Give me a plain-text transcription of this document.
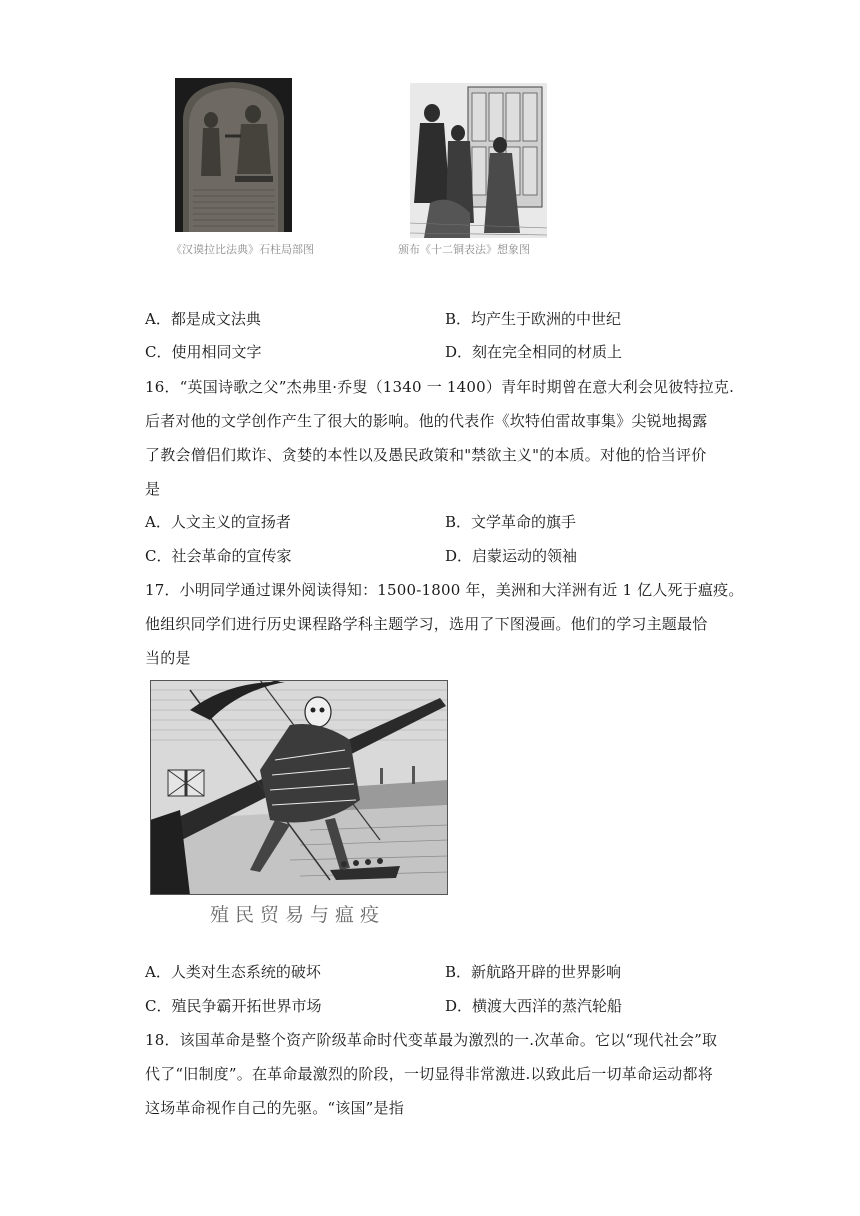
《汉谟拉比法典》石柱局部图	颁布《十二铜表法》想象图
A．都是成文法典	B．均产生于欧洲的中世纪
C．使用相同文字	D．刻在完全相同的材质上
16．“英国诗歌之父”杰弗里·乔叟（1340 一 1400）青年时期曾在意大利会见彼特拉克.
后者对他的文学创作产生了很大的影响。他的代表作《坎特伯雷故事集》尖锐地揭露
了教会僧侣们欺诈、贪婪的本性以及愚民政策和"禁欲主义"的本质。对他的恰当评价
是
A．人文主义的宣扬者	B．文学革命的旗手
C．社会革命的宣传家	D．启蒙运动的领袖
17．小明同学通过课外阅读得知：1500-1800 年，美洲和大洋洲有近 1 亿人死于瘟疫。
他组织同学们进行历史课程路学科主题学习，选用了下图漫画。他们的学习主题最恰
当的是
殖民贸易与瘟疫
A．人类对生态系统的破坏	B．新航路开辟的世界影响
C．殖民争霸开拓世界市场	D．横渡大西洋的蒸汽轮船
18．该国革命是整个资产阶级革命时代变革最为激烈的一.次革命。它以“现代社会”取
代了“旧制度”。在革命最激烈的阶段，一切显得非常激进.以致此后一切革命运动都将
这场革命视作自己的先驱。“该国”是指
